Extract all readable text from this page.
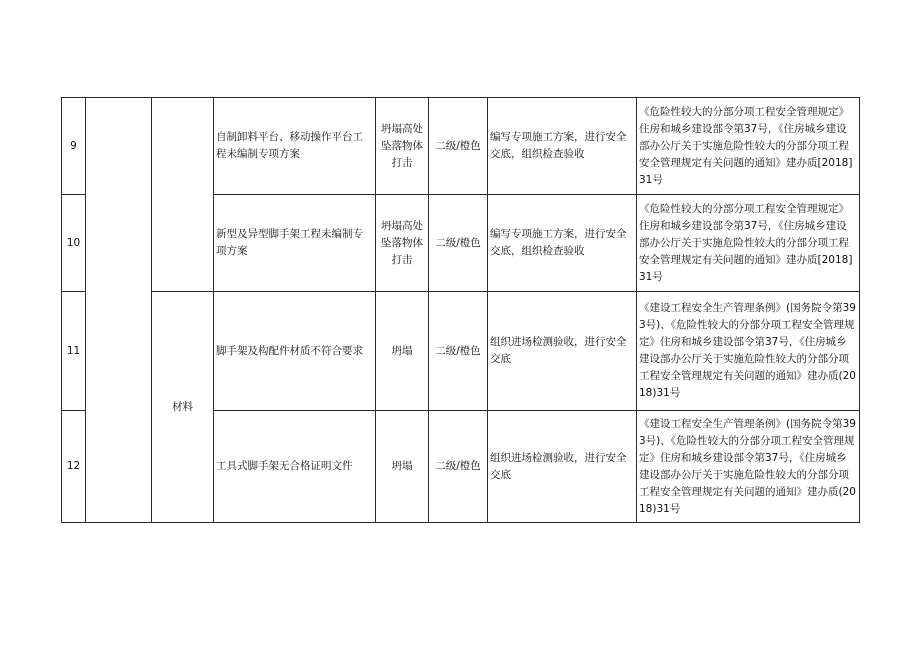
9			自制卸料平台、移动操作平台工程未编制专项方案	坍塌高处坠落物体打击	二级/橙色	编写专项施工方案，进行安全交底，组织检查验收	《危险性较大的分部分项工程安全管理规定》住房和城乡建设部令第37号，《住房城乡建设部办公厅关于实施危险性较大的分部分项工程安全管理规定有关问题的通知》建办质[2018]31号
10			新型及异型脚手架工程未编制专项方案	坍塌高处坠落物体打击	二级/橙色	编写专项施工方案，进行安全交底，组织检查验收	《危险性较大的分部分项工程安全管理规定》住房和城乡建设部令第37号，《住房城乡建设部办公厅关于实施危险性较大的分部分项工程安全管理规定有关问题的通知》建办质[2018]31号
11		材料	脚手架及构配件材质不符合要求	坍塌	二级/橙色	组织进场检测验收，进行安全交底	《建设工程安全生产管理条例》(国务院令第393号)、《危险性较大的分部分项工程安全管理规定》住房和城乡建设部令第37号，《住房城乡建设部办公厅关于实施危险性较大的分部分项工程安全管理规定有关问题的通知》建办质(2018)31号
12			工具式脚手架无合格证明文件	坍塌	二级/橙色	组织进场检测验收，进行安全交底	《建设工程安全生产管理条例》(国务院令第393号)、《危险性较大的分部分项工程安全管理规定》住房和城乡建设部令第37号，《住房城乡建设部办公厅关于实施危险性较大的分部分项工程安全管理规定有关问题的通知》建办质(2018)31号
